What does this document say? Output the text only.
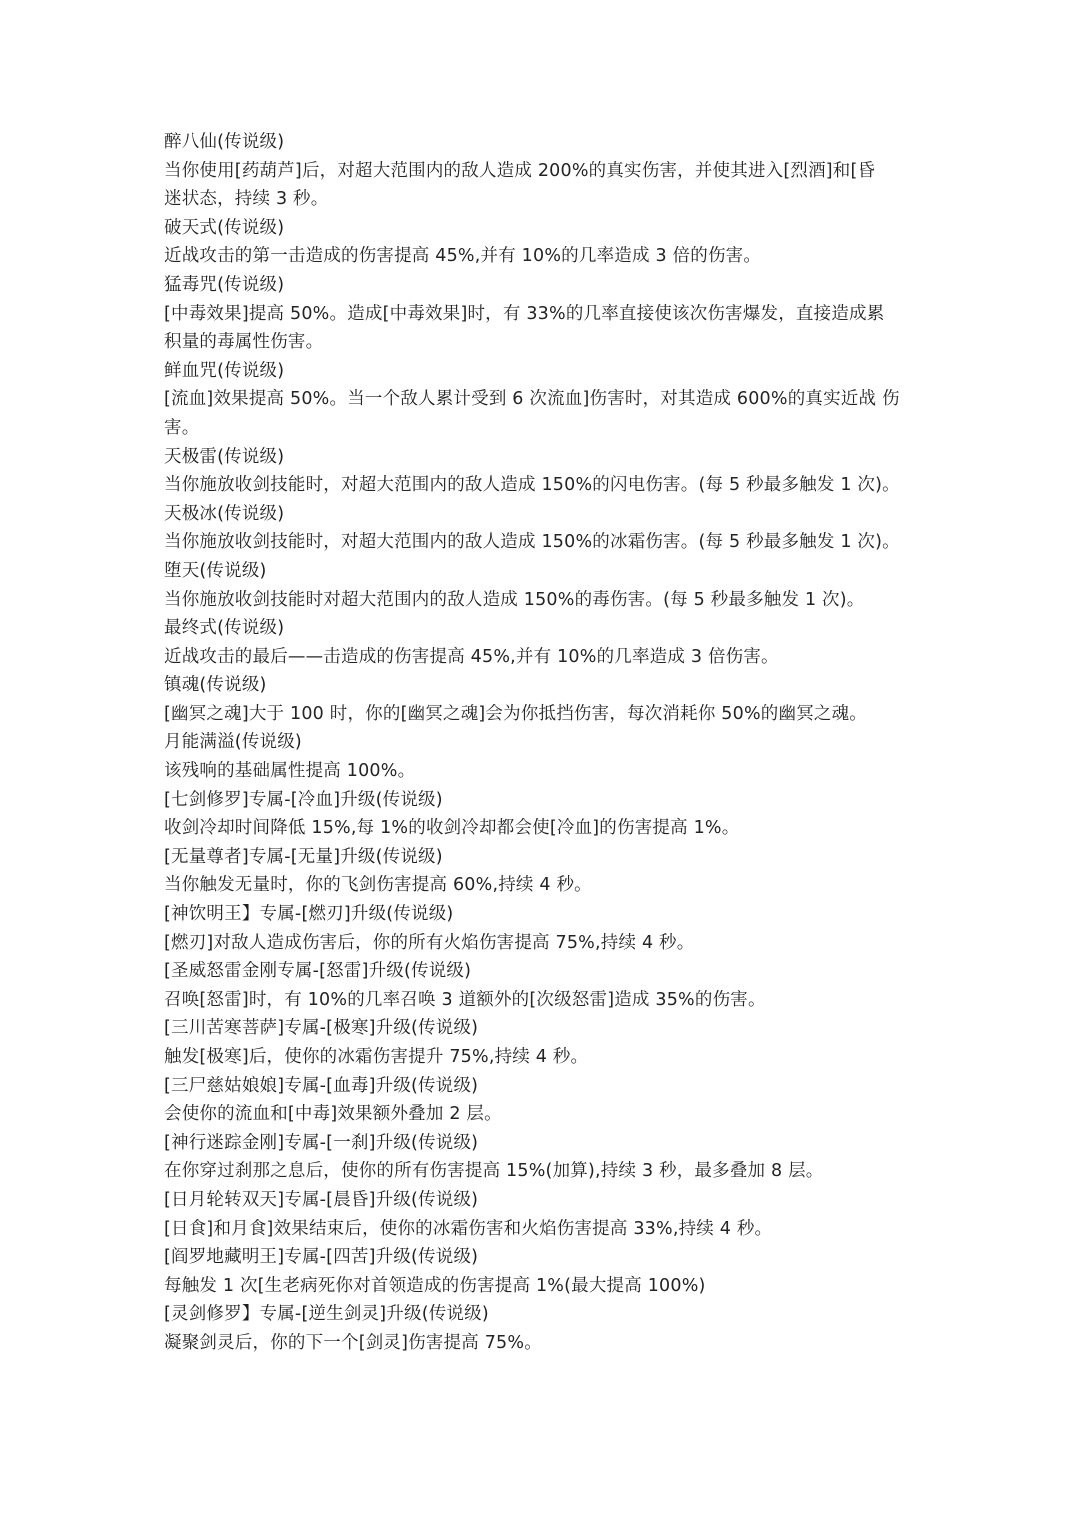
醉八仙(传说级)

当你使用[药葫芦]后，对超大范围内的敌人造成 200%的真实伤害，并使其进入[烈酒]和[昏

迷状态，持续 3 秒。

破天式(传说级)

近战攻击的第一击造成的伤害提高 45%,并有 10%的几率造成 3 倍的伤害。

猛毒咒(传说级)

[中毒效果]提高 50%。造成[中毒效果]时，有 33%的几率直接使该次伤害爆发，直接造成累

积量的毒属性伤害。

鲜血咒(传说级)

[流血]效果提高 50%。当一个敌人累计受到 6 次流血]伤害时，对其造成 600%的真实近战 伤

害。

天极雷(传说级)

当你施放收剑技能时，对超大范围内的敌人造成 150%的闪电伤害。(每 5 秒最多触发 1 次)。

天极冰(传说级)

当你施放收剑技能时，对超大范围内的敌人造成 150%的冰霜伤害。(每 5 秒最多触发 1 次)。

堕天(传说级)

当你施放收剑技能时对超大范围内的敌人造成 150%的毒伤害。(每 5 秒最多触发 1 次)。

最终式(传说级)

近战攻击的最后——击造成的伤害提高 45%,并有 10%的几率造成 3 倍伤害。

镇魂(传说级)

[幽冥之魂]大于 100 时，你的[幽冥之魂]会为你抵挡伤害，每次消耗你 50%的幽冥之魂。

月能满溢(传说级)

该残响的基础属性提高 100%。

[七剑修罗]专属-[冷血]升级(传说级)

收剑冷却时间降低 15%,每 1%的收剑冷却都会使[冷血]的伤害提高 1%。

[无量尊者]专属-[无量]升级(传说级)

当你触发无量时，你的飞剑伤害提高 60%,持续 4 秒。

[神饮明王】专属-[燃刃]升级(传说级)

[燃刃]对敌人造成伤害后，你的所有火焰伤害提高 75%,持续 4 秒。

[圣威怒雷金刚专属-[怒雷]升级(传说级)

召唤[怒雷]时，有 10%的几率召唤 3 道额外的[次级怒雷]造成 35%的伤害。

[三川苦寒菩萨]专属-[极寒]升级(传说级)

触发[极寒]后，使你的冰霜伤害提升 75%,持续 4 秒。

[三尸慈姑娘娘]专属-[血毒]升级(传说级)

会使你的流血和[中毒]效果额外叠加 2 层。

[神行迷踪金刚]专属-[一刹]升级(传说级)

在你穿过刹那之息后，使你的所有伤害提高 15%(加算),持续 3 秒，最多叠加 8 层。

[日月轮转双天]专属-[晨昏]升级(传说级)

[日食]和月食]效果结束后，使你的冰霜伤害和火焰伤害提高 33%,持续 4 秒。

[阎罗地藏明王]专属-[四苦]升级(传说级)

每触发 1 次[生老病死你对首领造成的伤害提高 1%(最大提高 100%)

[灵剑修罗】专属-[逆生剑灵]升级(传说级)

凝聚剑灵后，你的下一个[剑灵]伤害提高 75%。
